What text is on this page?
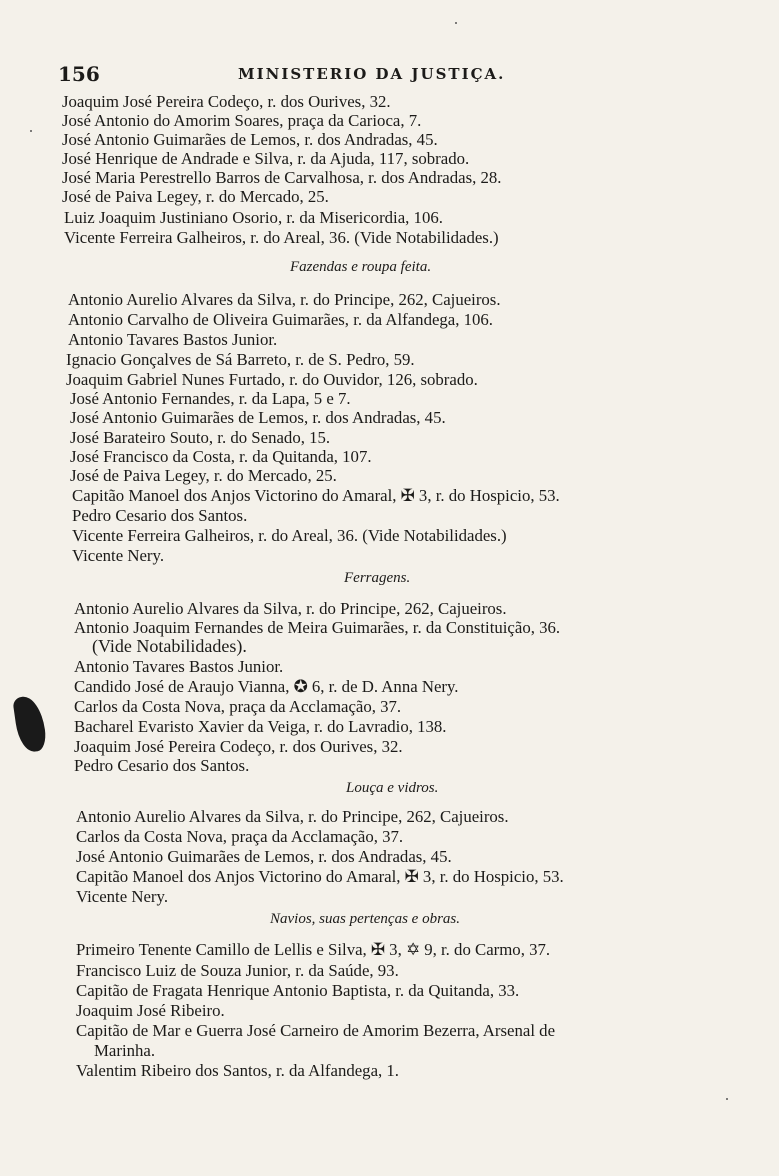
156	MINISTERIO DA JUSTIÇA.
Joaquim José Pereira Codeço, r. dos Ourives, 32.
José Antonio do Amorim Soares, praça da Carioca, 7.
José Antonio Guimarães de Lemos, r. dos Andradas, 45.
José Henrique de Andrade e Silva, r. da Ajuda, 117, sobrado.
José Maria Perestrello Barros de Carvalhosa, r. dos Andradas, 28.
José de Paiva Legey, r. do Mercado, 25.
Luiz Joaquim Justiniano Osorio, r. da Misericordia, 106.
Vicente Ferreira Galheiros, r. do Areal, 36. (Vide Notabilidades.)
Fazendas e roupa feita.
Antonio Aurelio Alvares da Silva, r. do Principe, 262, Cajueiros.
Antonio Carvalho de Oliveira Guimarães, r. da Alfandega, 106.
Antonio Tavares Bastos Junior.
Ignacio Gonçalves de Sá Barreto, r. de S. Pedro, 59.
Joaquim Gabriel Nunes Furtado, r. do Ouvidor, 126, sobrado.
José Antonio Fernandes, r. da Lapa, 5 e 7.
José Antonio Guimarães de Lemos, r. dos Andradas, 45.
José Barateiro Souto, r. do Senado, 15.
José Francisco da Costa, r. da Quitanda, 107.
José de Paiva Legey, r. do Mercado, 25.
Capitão Manoel dos Anjos Victorino do Amaral, ✠ 3, r. do Hospicio, 53.
Pedro Cesario dos Santos.
Vicente Ferreira Galheiros, r. do Areal, 36. (Vide Notabilidades.)
Vicente Nery.
Ferragens.
Antonio Aurelio Alvares da Silva, r. do Principe, 262, Cajueiros.
Antonio Joaquim Fernandes de Meira Guimarães, r. da Constituição, 36.
(Vide Notabilidades).
Antonio Tavares Bastos Junior.
Candido José de Araujo Vianna, ✪ 6, r. de D. Anna Nery.
Carlos da Costa Nova, praça da Acclamação, 37.
Bacharel Evaristo Xavier da Veiga, r. do Lavradio, 138.
Joaquim José Pereira Codeço, r. dos Ourives, 32.
Pedro Cesario dos Santos.
Louça e vidros.
Antonio Aurelio Alvares da Silva, r. do Principe, 262, Cajueiros.
Carlos da Costa Nova, praça da Acclamação, 37.
José Antonio Guimarães de Lemos, r. dos Andradas, 45.
Capitão Manoel dos Anjos Victorino do Amaral, ✠ 3, r. do Hospicio, 53.
Vicente Nery.
Navios, suas pertenças e obras.
Primeiro Tenente Camillo de Lellis e Silva, ✠ 3, ✡ 9, r. do Carmo, 37.
Francisco Luiz de Souza Junior, r. da Saúde, 93.
Capitão de Fragata Henrique Antonio Baptista, r. da Quitanda, 33.
Joaquim José Ribeiro.
Capitão de Mar e Guerra José Carneiro de Amorim Bezerra, Arsenal de
Marinha.
Valentim Ribeiro dos Santos, r. da Alfandega, 1.
